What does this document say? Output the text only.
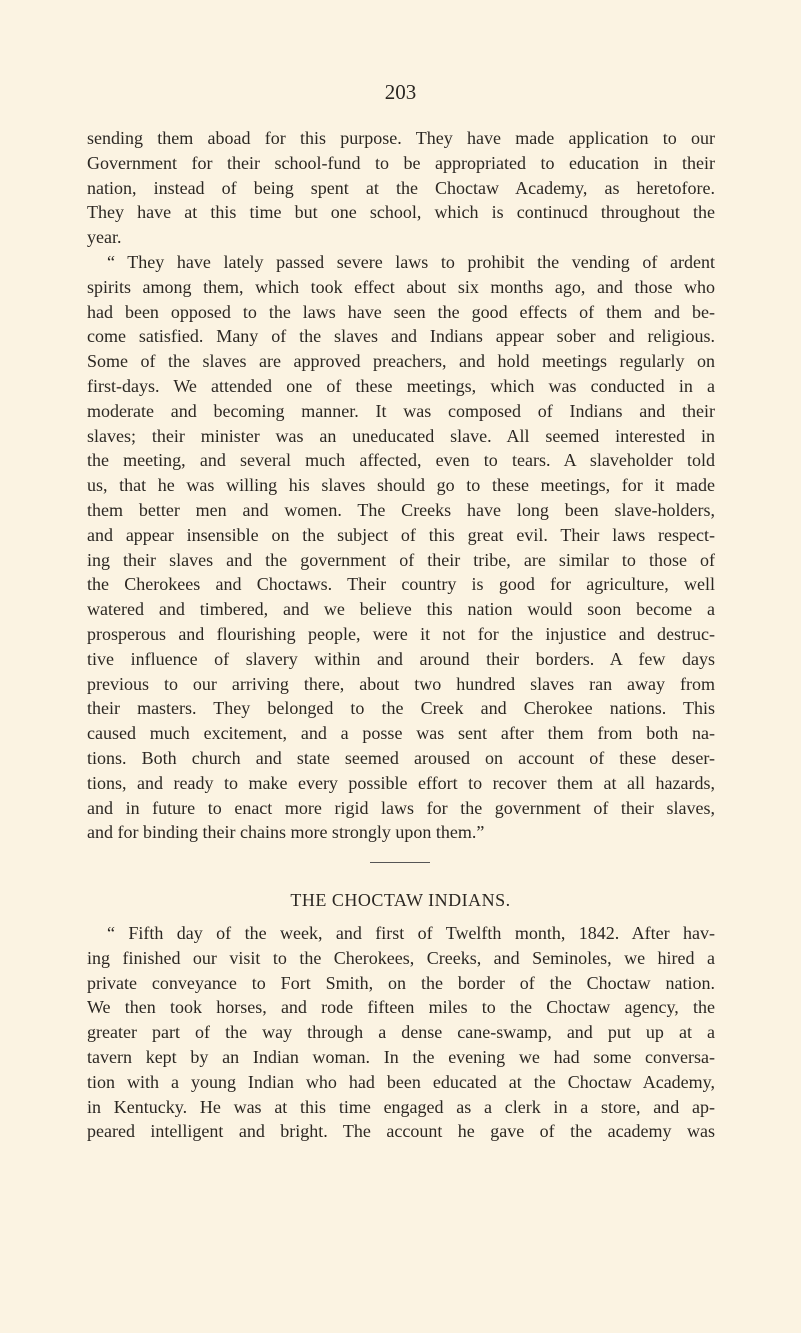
203
sending them aboad for this purpose. They have made application to our
Government for their school-fund to be appropriated to education in their
nation, instead of being spent at the Choctaw Academy, as heretofore.
They have at this time but one school, which is continucd throughout the
year.
“ They have lately passed severe laws to prohibit the vending of ardent
spirits among them, which took effect about six months ago, and those who
had been opposed to the laws have seen the good effects of them and be-
come satisfied. Many of the slaves and Indians appear sober and religious.
Some of the slaves are approved preachers, and hold meetings regularly on
first-days. We attended one of these meetings, which was conducted in a
moderate and becoming manner. It was composed of Indians and their
slaves; their minister was an uneducated slave. All seemed interested in
the meeting, and several much affected, even to tears. A slaveholder told
us, that he was willing his slaves should go to these meetings, for it made
them better men and women. The Creeks have long been slave-holders,
and appear insensible on the subject of this great evil. Their laws respect-
ing their slaves and the government of their tribe, are similar to those of
the Cherokees and Choctaws. Their country is good for agriculture, well
watered and timbered, and we believe this nation would soon become a
prosperous and flourishing people, were it not for the injustice and destruc-
tive influence of slavery within and around their borders. A few days
previous to our arriving there, about two hundred slaves ran away from
their masters. They belonged to the Creek and Cherokee nations. This
caused much excitement, and a posse was sent after them from both na-
tions. Both church and state seemed aroused on account of these deser-
tions, and ready to make every possible effort to recover them at all hazards,
and in future to enact more rigid laws for the government of their slaves,
and for binding their chains more strongly upon them.”
THE CHOCTAW INDIANS.
“ Fifth day of the week, and first of Twelfth month, 1842. After hav-
ing finished our visit to the Cherokees, Creeks, and Seminoles, we hired a
private conveyance to Fort Smith, on the border of the Choctaw nation.
We then took horses, and rode fifteen miles to the Choctaw agency, the
greater part of the way through a dense cane-swamp, and put up at a
tavern kept by an Indian woman. In the evening we had some conversa-
tion with a young Indian who had been educated at the Choctaw Academy,
in Kentucky. He was at this time engaged as a clerk in a store, and ap-
peared intelligent and bright. The account he gave of the academy was
